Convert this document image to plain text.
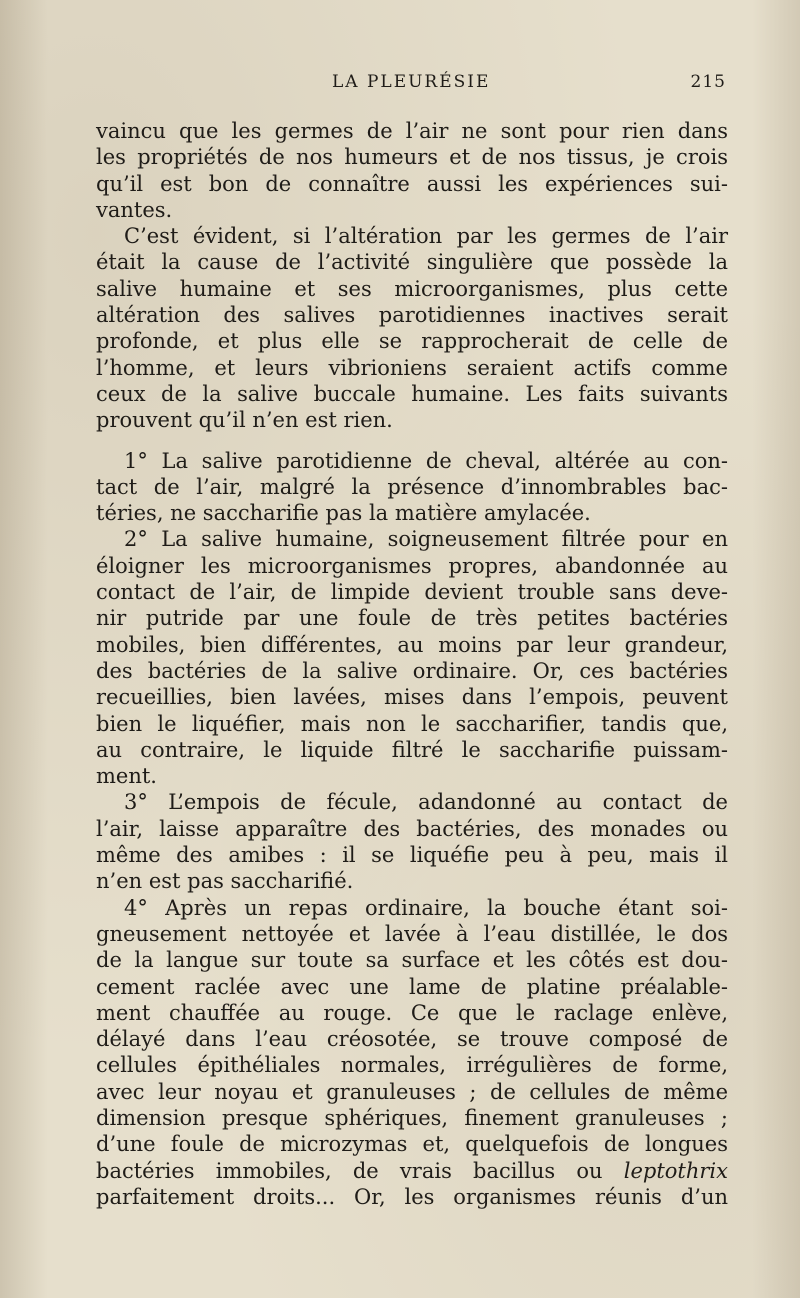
LA PLEURÉSIE	215
vaincu que les germes de l’air ne sont pour rien dans
les propriétés de nos humeurs et de nos tissus, je crois
qu’il est bon de connaître aussi les expériences sui-
vantes.
C’est évident, si l’altération par les germes de l’air
était la cause de l’activité singulière que possède la
salive humaine et ses microorganismes, plus cette
altération des salives parotidiennes inactives serait
profonde, et plus elle se rapprocherait de celle de
l’homme, et leurs vibrioniens seraient actifs comme
ceux de la salive buccale humaine. Les faits suivants
prouvent qu’il n’en est rien.
1° La salive parotidienne de cheval, altérée au con-
tact de l’air, malgré la présence d’innombrables bac-
téries, ne saccharifie pas la matière amylacée.
2° La salive humaine, soigneusement filtrée pour en
éloigner les microorganismes propres, abandonnée au
contact de l’air, de limpide devient trouble sans deve-
nir putride par une foule de très petites bactéries
mobiles, bien différentes, au moins par leur grandeur,
des bactéries de la salive ordinaire. Or, ces bactéries
recueillies, bien lavées, mises dans l’empois, peuvent
bien le liquéfier, mais non le saccharifier, tandis que,
au contraire, le liquide filtré le saccharifie puissam-
ment.
3° L’empois de fécule, adandonné au contact de
l’air, laisse apparaître des bactéries, des monades ou
même des amibes : il se liquéfie peu à peu, mais il
n’en est pas saccharifié.
4° Après un repas ordinaire, la bouche étant soi-
gneusement nettoyée et lavée à l’eau distillée, le dos
de la langue sur toute sa surface et les côtés est dou-
cement raclée avec une lame de platine préalable-
ment chauffée au rouge. Ce que le raclage enlève,
délayé dans l’eau créosotée, se trouve composé de
cellules épithéliales normales, irrégulières de forme,
avec leur noyau et granuleuses ; de cellules de même
dimension presque sphériques, finement granuleuses ;
d’une foule de microzymas et, quelquefois de longues
bactéries immobiles, de vrais bacillus ou leptothrix
parfaitement droits... Or, les organismes réunis d’un
